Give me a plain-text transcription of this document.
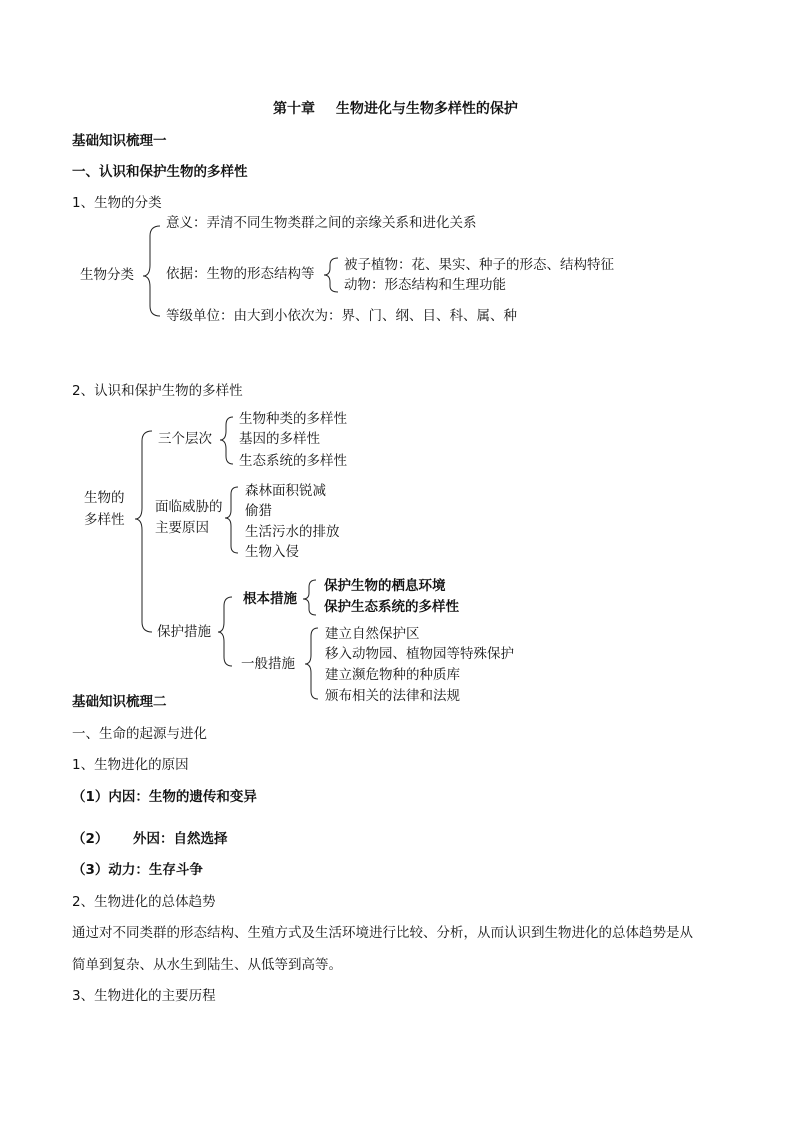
第十章 生物进化与生物多样性的保护
基础知识梳理一
一、认识和保护生物的多样性
1、生物的分类
生物分类
意义：弄清不同生物类群之间的亲缘关系和进化关系
依据：生物的形态结构等
被子植物：花、果实、种子的形态、结构特征
动物：形态结构和生理功能
等级单位：由大到小依次为：界、门、纲、目、科、属、种
2、认识和保护生物的多样性
生物的
多样性
三个层次
生物种类的多样性
基因的多样性
生态系统的多样性
面临威胁的
主要原因
森林面积锐减
偷猎
生活污水的排放
生物入侵
保护措施
根本措施
保护生物的栖息环境
保护生态系统的多样性
一般措施
建立自然保护区
移入动物园、植物园等特殊保护
建立濒危物种的种质库
颁布相关的法律和法规
基础知识梳理二
一、生命的起源与进化
1、生物进化的原因
（1）内因：生物的遗传和变异
（2） 外因：自然选择
（3）动力：生存斗争
2、生物进化的总体趋势
通过对不同类群的形态结构、生殖方式及生活环境进行比较、分析，从而认识到生物进化的总体趋势是从
简单到复杂、从水生到陆生、从低等到高等。
3、生物进化的主要历程
